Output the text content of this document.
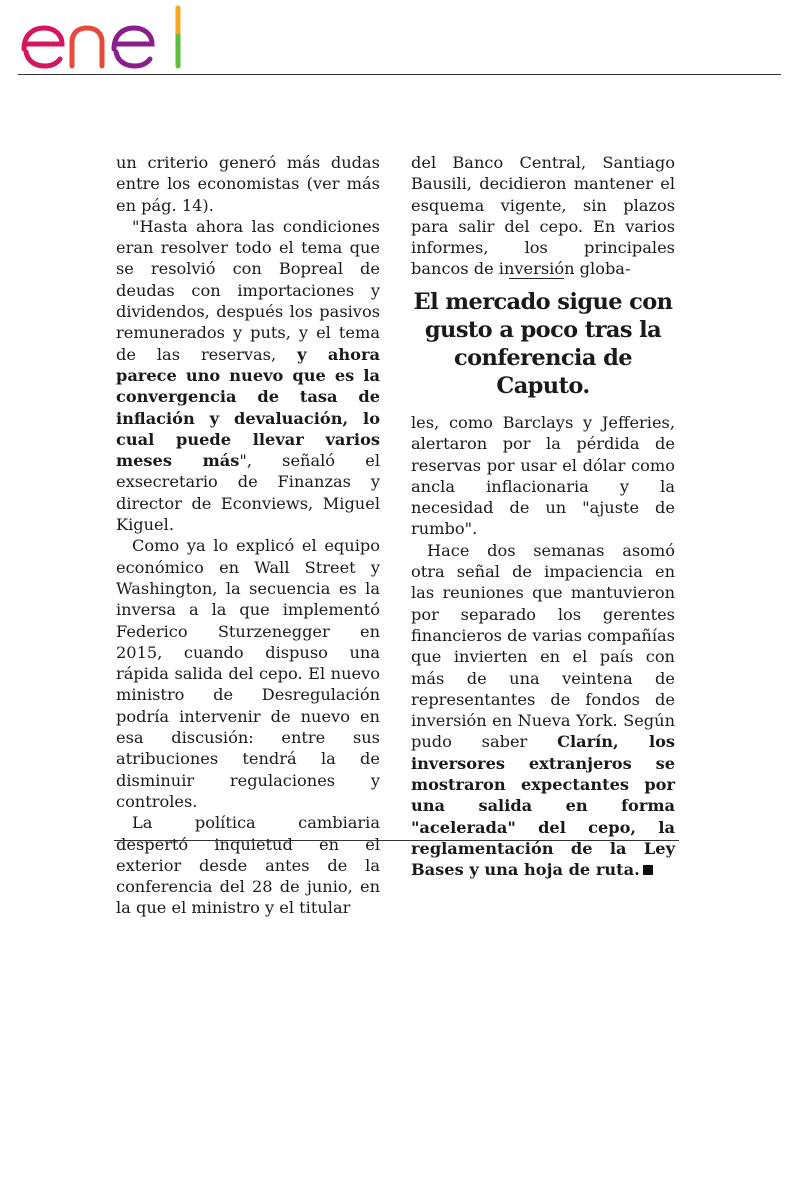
un criterio generó más dudas entre los economistas (ver más en pág. 14).

"Hasta ahora las condiciones eran resolver todo el tema que se resolvió con Bopreal de deudas con importaciones y dividendos, después los pasivos remunerados y puts, y el tema de las reservas, y ahora parece uno nuevo que es la convergencia de tasa de inflación y devaluación, lo cual puede llevar varios meses más", señaló el exsecretario de Finanzas y director de Econviews, Miguel Kiguel.

Como ya lo explicó el equipo económico en Wall Street y Washington, la secuencia es la inversa a la que implementó Federico Sturzenegger en 2015, cuando dispuso una rápida salida del cepo. El nuevo ministro de Desregulación podría intervenir de nuevo en esa discusión: entre sus atribuciones tendrá la de disminuir regulaciones y controles.

La política cambiaria despertó inquietud en el exterior desde antes de la conferencia del 28 de junio, en la que el ministro y el titular

del Banco Central, Santiago Bausili, decidieron mantener el esquema vigente, sin plazos para salir del cepo. En varios informes, los principales bancos de inversión globa-

El mercado sigue con gusto a poco tras la conferencia de Caputo.

les, como Barclays y Jefferies, alertaron por la pérdida de reservas por usar el dólar como ancla inflacionaria y la necesidad de un "ajuste de rumbo".

Hace dos semanas asomó otra señal de impaciencia en las reuniones que mantuvieron por separado los gerentes financieros de varias compañías que invierten en el país con más de una veintena de representantes de fondos de inversión en Nueva York. Según pudo saber Clarín, los inversores extranjeros se mostraron expectantes por una salida en forma "acelerada" del cepo, la reglamentación de la Ley Bases y una hoja de ruta.
